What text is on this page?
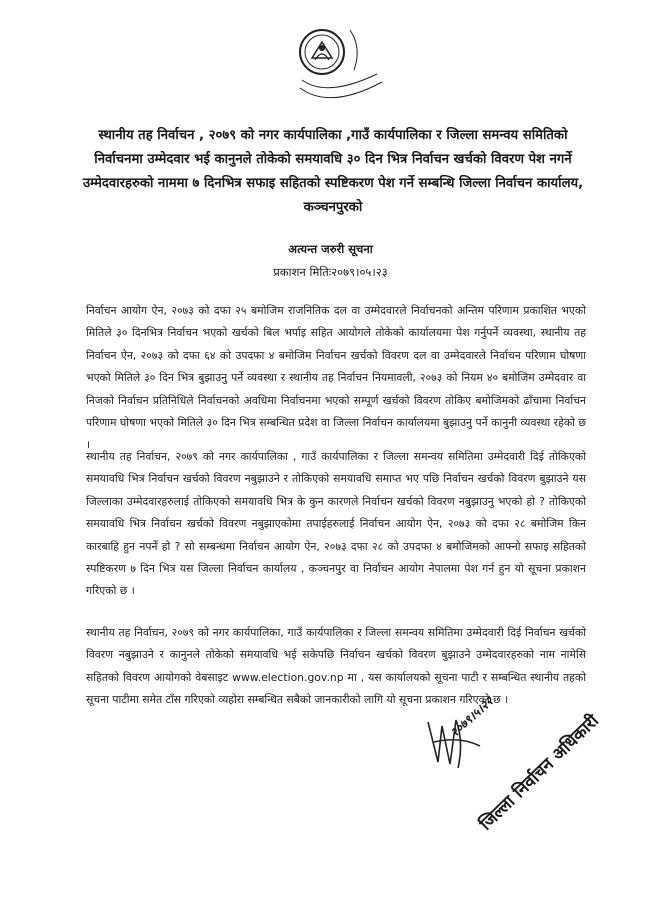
स्थानीय तह निर्वाचन , २०७९ को नगर कार्यपालिका ,गाउँ कार्यपालिका र जिल्ला समन्वय समितिको निर्वाचनमा उम्मेदवार भई कानुनले तोकेको समयावधि ३० दिन भित्र निर्वाचन खर्चको विवरण पेश नगर्ने उम्मेदवारहरुको नाममा ७ दिनभित्र सफाइ सहितको स्पष्टिकरण पेश गर्ने सम्बन्धि जिल्ला निर्वाचन कार्यालय, कञ्चनपुरको
अत्यन्त जरुरी सूचना
प्रकाशन मितिः२०७९।०५।२३

निर्वाचन आयोग ऐन, २०७३ को दफा २५ बमोजिम राजनितिक दल वा उम्मेदवारले निर्वाचनको अन्तिम परिणाम प्रकाशित भएको मितिले ३० दिनभित्र निर्वाचन भएको खर्चको बिल भर्पाइ सहित आयोगले तोकेको कार्यालयमा पेश गर्नुपर्ने व्यवस्था, स्थानीय तह निर्वाचन ऐन, २०७३ को दफा ६४ को उपदफा ४ बमोजिम निर्वाचन खर्चको विवरण दल वा उम्मेदवारले निर्वाचन परिणाम घोषणा भएको मितिले ३० दिन भित्र बुझाउनु पर्ने व्यवस्था र स्थानीय तह निर्वाचन नियमावली, २०७३ को नियम ४० बमोजिम उम्मेदवार वा निजको निर्वाचन प्रतिनिधिले निर्वाचनको अवधिमा निर्वाचनमा भएको सम्पूर्ण खर्चको विवरण तोकिए बमोजिमको ढाँचामा निर्वाचन परिणाम घोषणा भएको मितिले ३० दिन भित्र सम्बन्धित प्रदेश वा जिल्ला निर्वाचन कार्यालयमा बुझाउनु पर्ने कानुनी व्यवस्था रहेको छ ।

स्थानीय तह निर्वाचन, २०७९ को नगर कार्यपालिका , गाउँ कार्यपालिका र जिल्ला समन्वय समितिमा उम्मेदवारी दिई तोकिएको समयावधि भित्र निर्वाचन खर्चको विवरण नबुझाउने र तोकिएको समयावधि समाप्त भए पछि निर्वाचन खर्चको विवरण बुझाउने यस जिल्लाका उम्मेदवारहरुलाई तोकिएको समयावधि भित्र के कुन कारणले निर्वाचन खर्चको विवरण नबुझाउनु भएको हो ? तोकिएको समयावधि भित्र निर्वाचन खर्चको विवरण नबुझाएकोमा तपाईहरुलाई निर्वाचन आयोग ऐन, २०७३ को दफा २८ बमोजिम किन कारबाहि हुन नपर्ने हो ? सो सम्बन्धमा निर्वाचन आयोग ऐन, २०७३ दफा २८ को उपदफा ४ बमोजिमको आफ्नो सफाइ सहितको स्पष्टिकरण ७ दिन भित्र यस जिल्ला निर्वाचन कार्यालय , कञ्चनपुर वा निर्वाचन आयोग नेपालमा पेश गर्न हुन यो सूचना प्रकाशन गरिएको छ ।

स्थानीय तह निर्वाचन, २०७९ को नगर कार्यपालिका, गाउँ कार्यपालिका र जिल्ला समन्वय समितिमा उम्मेदवारी दिई निर्वाचन खर्चको विवरण नबुझाउने र कानुनले तोकेको समयावधि भई सकेपछि निर्वाचन खर्चको विवरण बुझाउने उम्मेदवारहरुको नाम नामेसि सहितको विवरण आयोगको वेबसाइट www.election.gov.np मा , यस कार्यालयको सूचना पाटी र सम्बन्धित स्थानीय तहको सूचना पाटीमा समेत टाँस गरिएको व्यहोरा सम्बन्धित सबैको जानकारीको लागि यो सूचना प्रकाशन गरिएको छ ।

२०७९।५।२२
जिल्ला निर्वाचन अधिकारी
